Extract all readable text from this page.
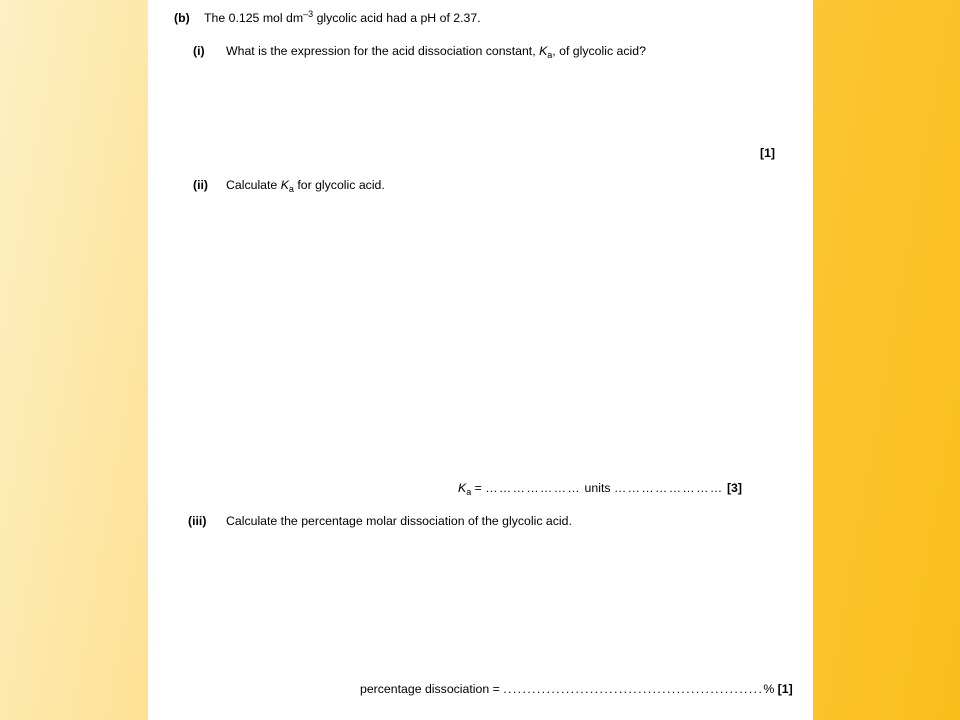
(b)	The 0.125 mol $dm^{-3}$ glycolic acid had a pH of 2.37.
(i)	What is the expression for the acid dissociation constant, $K_a$, of glycolic acid?
[1]
(ii)	Calculate $K_a$ for glycolic acid.
$K_a$ = ………………… units …………………… [3]
(iii)	Calculate the percentage molar dissociation of the glycolic acid.
percentage dissociation = ......................................................% [1]
